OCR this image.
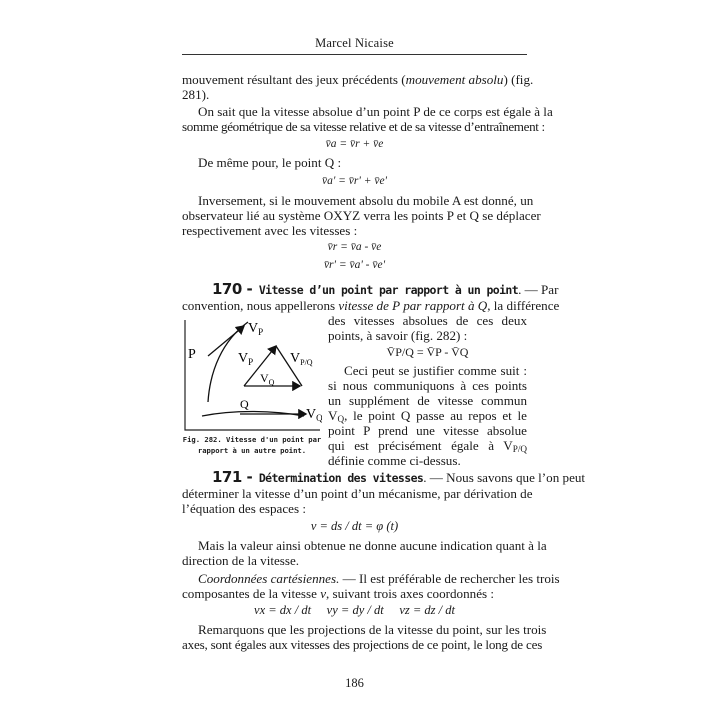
Marcel Nicaise
mouvement résultant des jeux précédents (mouvement absolu) (fig.
281).
On sait que la vitesse absolue d’un point P de ce corps est égale à la
somme géométrique de sa vitesse relative et de sa vitesse d’entraînement :
v̄a = v̄r + v̄e
De même pour, le point Q :
v̄a' = v̄r' + v̄e'
Inversement, si le mouvement absolu du mobile A est donné, un
observateur lié au système OXYZ verra les points P et Q se déplacer
respectivement avec les vitesses :
v̄r = v̄a - v̄e
v̄r' = v̄a' - v̄e'
170 - Vitesse d’un point par rapport à un point. — Par
convention, nous appellerons vitesse de P par rapport à Q, la différence
des vitesses absolues de ces deux
points, à savoir (fig. 282) :
V̄P/Q = V̄P - V̄Q
Ceci peut se justifier comme suit :
si nous communiquons à ces points
un supplément de vitesse commun
$V_Q$, le point Q passe au repos et le
point P prend une vitesse absolue
qui est précisément égale à $V_{P/Q}$
définie comme ci-dessus.
$V_P$
P	$V_P$	$V_{P/Q}$
$V_Q$
Q
$V_Q$
Fig. 282. Vitesse d'un point par
rapport à un autre point.
171 - Détermination des vitesses. — Nous savons que l’on peut
déterminer la vitesse d’un point d’un mécanisme, par dérivation de
l’équation des espaces :
v = ds / dt = φ (t)
Mais la valeur ainsi obtenue ne donne aucune indication quant à la
direction de la vitesse.
Coordonnées cartésiennes. — Il est préférable de rechercher les trois
composantes de la vitesse v, suivant trois axes coordonnés :
vx = dx / dt     vy = dy / dt     vz = dz / dt
Remarquons que les projections de la vitesse du point, sur les trois
axes, sont égales aux vitesses des projections de ce point, le long de ces
186
